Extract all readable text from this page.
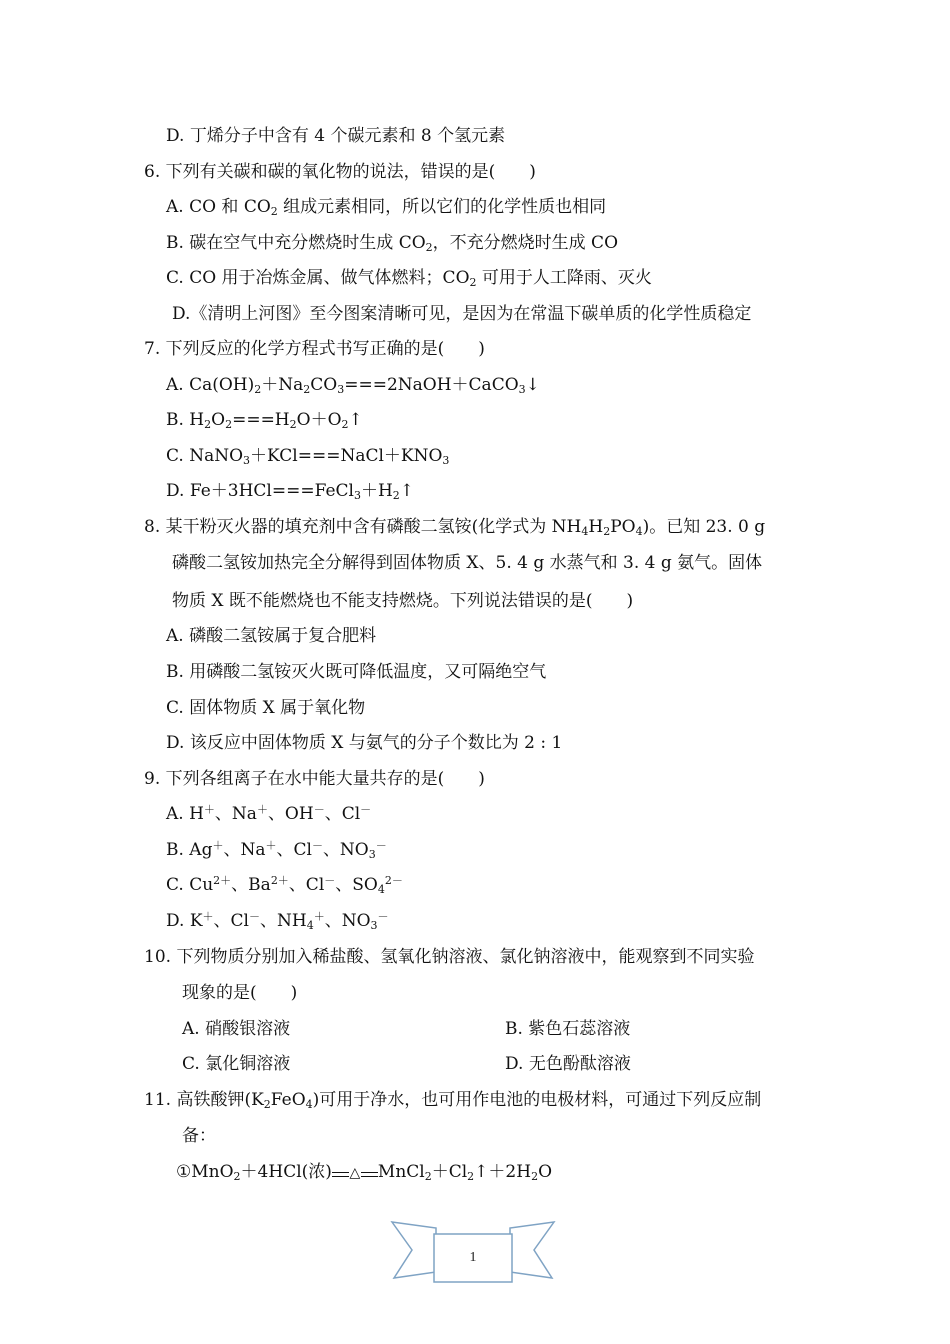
D. 丁烯分子中含有 4 个碳元素和 8 个氢元素
6. 下列有关碳和碳的氧化物的说法，错误的是(　　)
A. CO 和 $CO_2$ 组成元素相同，所以它们的化学性质也相同
B. 碳在空气中充分燃烧时生成 $CO_2$，不充分燃烧时生成 CO
C. CO 用于冶炼金属、做气体燃料；$CO_2$ 可用于人工降雨、灭火
D.《清明上河图》至今图案清晰可见，是因为在常温下碳单质的化学性质稳定
7. 下列反应的化学方程式书写正确的是(　　)
A. $Ca(OH)_2+Na_2CO_3===2NaOH+CaCO_3↓$
B. $H_2O_2===H_2O+O_2↑$
C. $NaNO_3+KCl===NaCl+KNO_3$
D. $Fe+3HCl===FeCl_3+H_2↑$
8. 某干粉灭火器的填充剂中含有磷酸二氢铵(化学式为 $NH_4H_2PO_4$)。已知 23. 0 g
磷酸二氢铵加热完全分解得到固体物质 X、5. 4 g 水蒸气和 3. 4 g 氨气。固体
物质 X 既不能燃烧也不能支持燃烧。下列说法错误的是(　　)
A. 磷酸二氢铵属于复合肥料
B. 用磷酸二氢铵灭火既可降低温度，又可隔绝空气
C. 固体物质 X 属于氧化物
D. 该反应中固体物质 X 与氨气的分子个数比为 2 : 1
9. 下列各组离子在水中能大量共存的是(　　)
A. H＋、Na＋、OH－、Cl－
B. Ag＋、Na＋、Cl－、$NO_3^-$
C. $Cu^{2+}$、$Ba^{2+}$、Cl－、$SO_4^{2-}$
D. K＋、Cl－、$NH_4^+$、$NO_3^-$
10. 下列物质分别加入稀盐酸、氢氧化钠溶液、氯化钠溶液中，能观察到不同实验
现象的是(　　)
A. 硝酸银溶液	B. 紫色石蕊溶液
C. 氯化铜溶液	D. 无色酚酞溶液
11. 高铁酸钾$(K_2FeO_4)$可用于净水，也可用作电池的电极材料，可通过下列反应制
备：
①MnO$_2$＋4HCl(浓) △ $MnCl_2+Cl_2↑+2H_2O$
1
